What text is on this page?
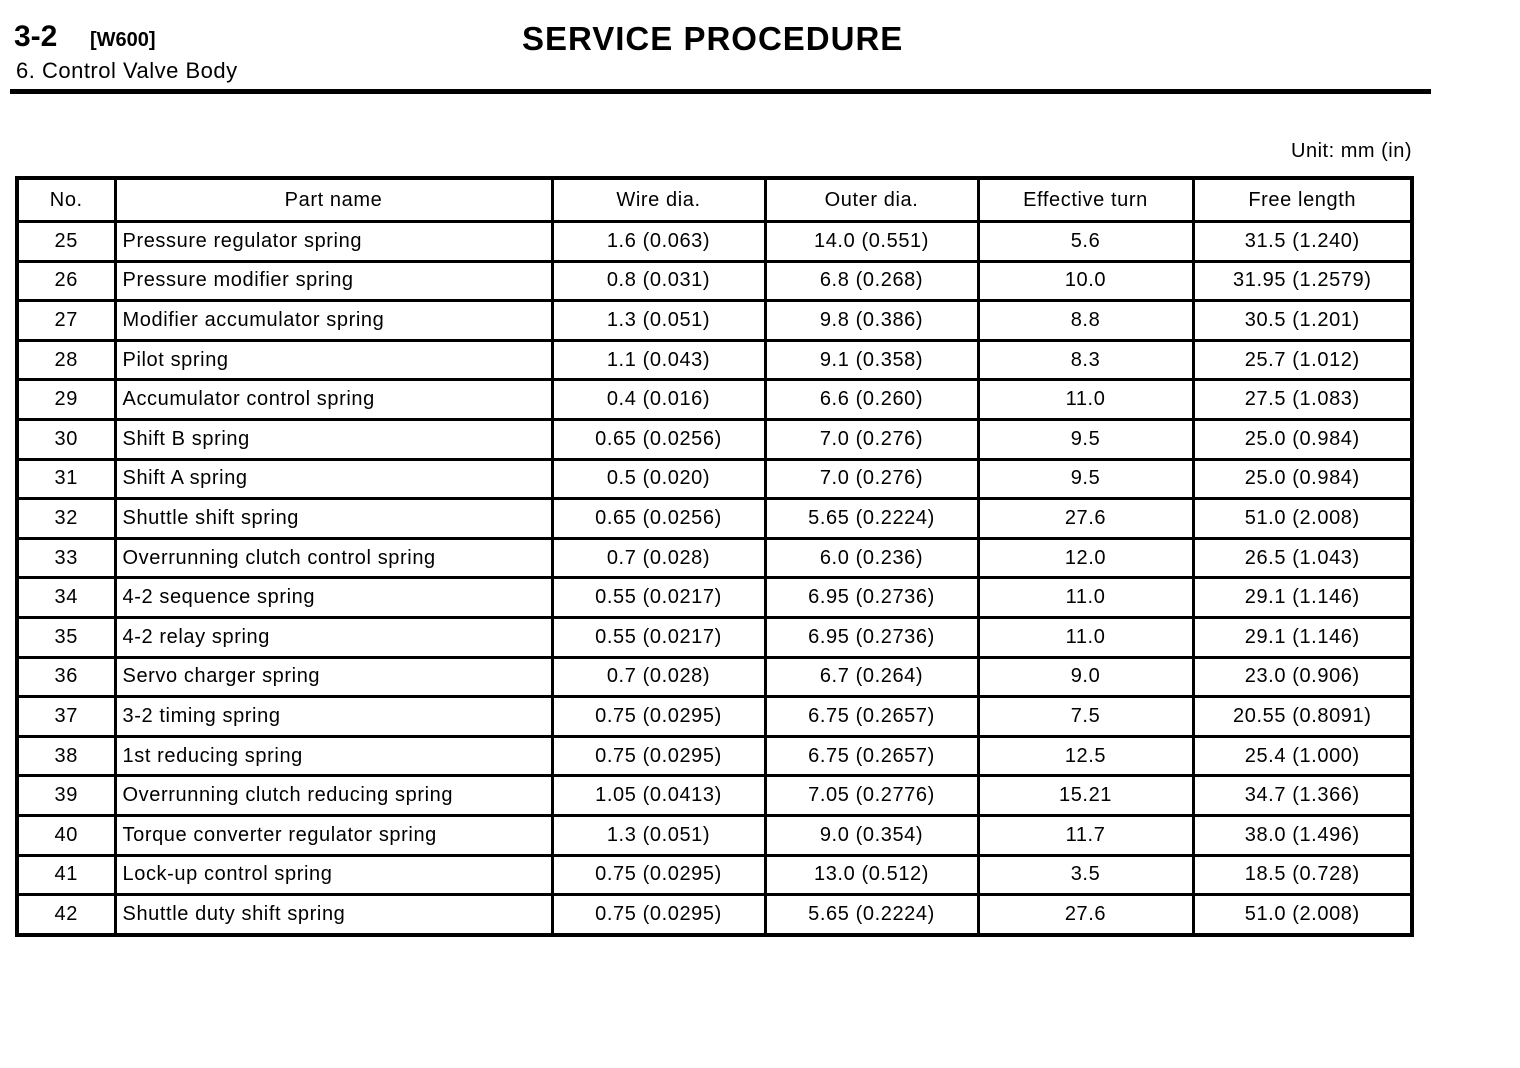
3-2 [W600]	SERVICE PROCEDURE
6. Control Valve Body
Unit: mm (in)
No.	Part name	Wire dia.	Outer dia.	Effective turn	Free length
25	Pressure regulator spring	1.6 (0.063)	14.0 (0.551)	5.6	31.5 (1.240)
26	Pressure modifier spring	0.8 (0.031)	6.8 (0.268)	10.0	31.95 (1.2579)
27	Modifier accumulator spring	1.3 (0.051)	9.8 (0.386)	8.8	30.5 (1.201)
28	Pilot spring	1.1 (0.043)	9.1 (0.358)	8.3	25.7 (1.012)
29	Accumulator control spring	0.4 (0.016)	6.6 (0.260)	11.0	27.5 (1.083)
30	Shift B spring	0.65 (0.0256)	7.0 (0.276)	9.5	25.0 (0.984)
31	Shift A spring	0.5 (0.020)	7.0 (0.276)	9.5	25.0 (0.984)
32	Shuttle shift spring	0.65 (0.0256)	5.65 (0.2224)	27.6	51.0 (2.008)
33	Overrunning clutch control spring	0.7 (0.028)	6.0 (0.236)	12.0	26.5 (1.043)
34	4-2 sequence spring	0.55 (0.0217)	6.95 (0.2736)	11.0	29.1 (1.146)
35	4-2 relay spring	0.55 (0.0217)	6.95 (0.2736)	11.0	29.1 (1.146)
36	Servo charger spring	0.7 (0.028)	6.7 (0.264)	9.0	23.0 (0.906)
37	3-2 timing spring	0.75 (0.0295)	6.75 (0.2657)	7.5	20.55 (0.8091)
38	1st reducing spring	0.75 (0.0295)	6.75 (0.2657)	12.5	25.4 (1.000)
39	Overrunning clutch reducing spring	1.05 (0.0413)	7.05 (0.2776)	15.21	34.7 (1.366)
40	Torque converter regulator spring	1.3 (0.051)	9.0 (0.354)	11.7	38.0 (1.496)
41	Lock-up control spring	0.75 (0.0295)	13.0 (0.512)	3.5	18.5 (0.728)
42	Shuttle duty shift spring	0.75 (0.0295)	5.65 (0.2224)	27.6	51.0 (2.008)
